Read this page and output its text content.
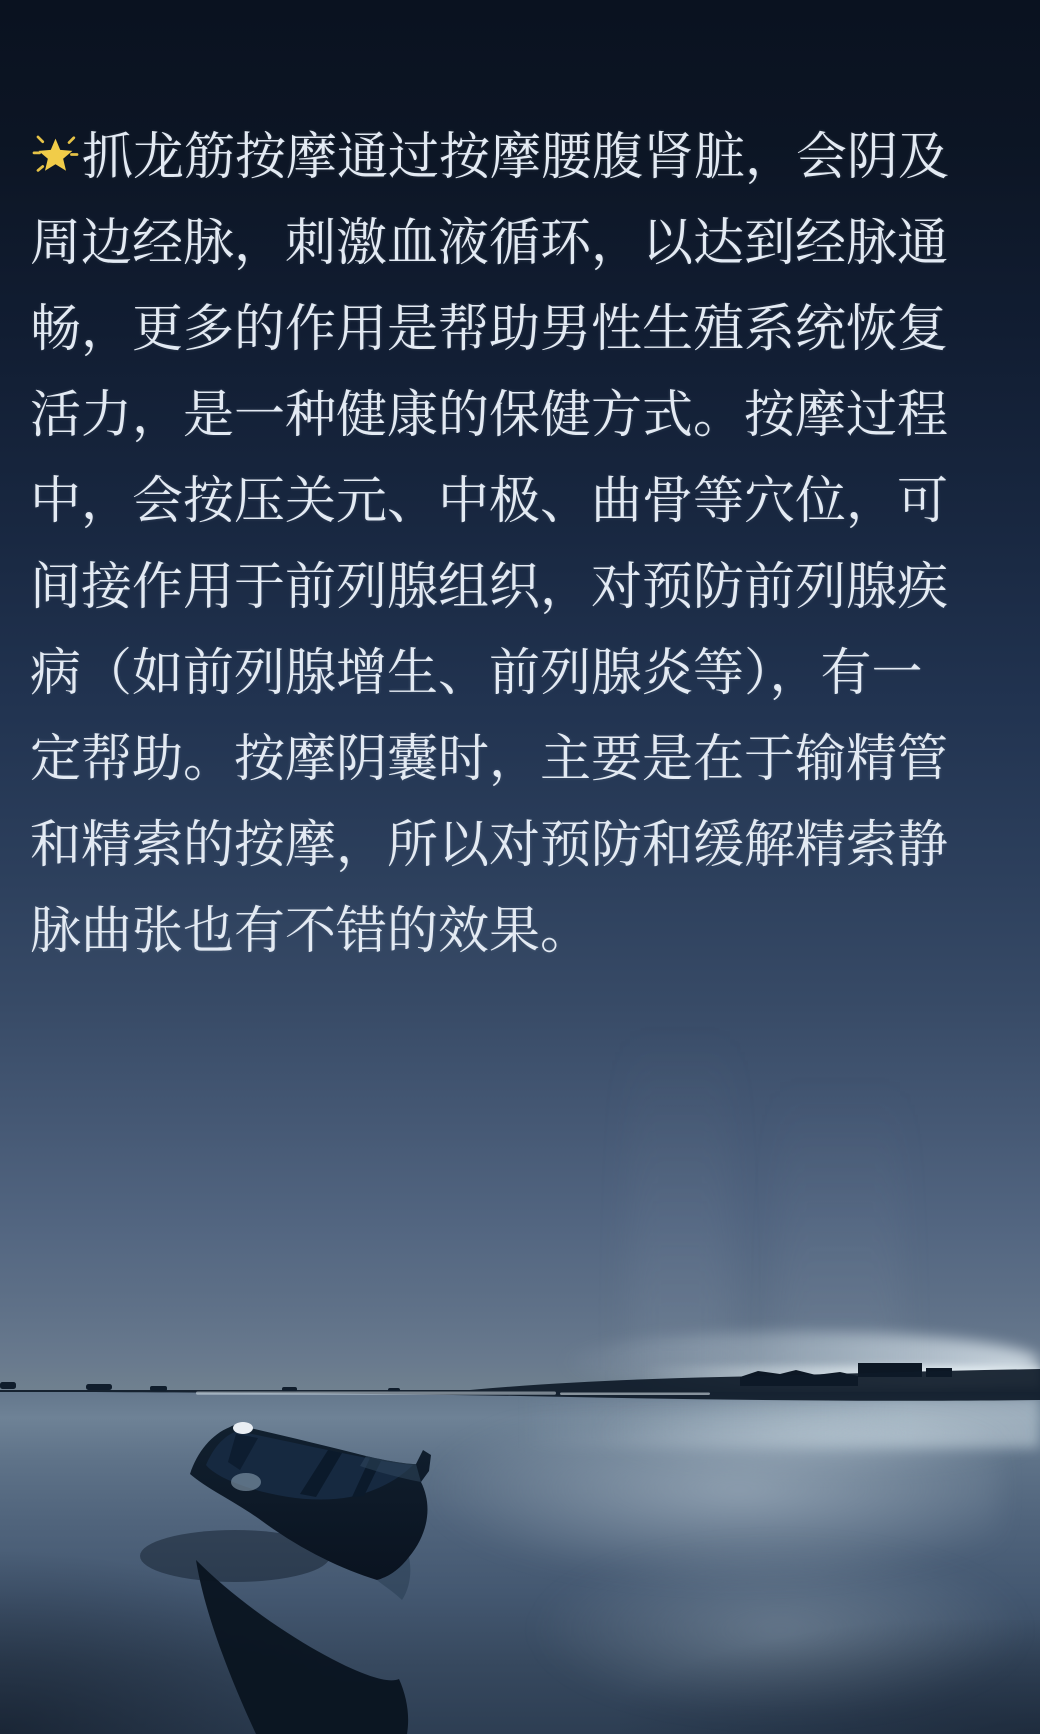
抓龙筋按摩通过按摩腰腹肾脏，会阴及
周边经脉，刺激血液循环，以达到经脉通
畅，更多的作用是帮助男性生殖系统恢复
活力，是一种健康的保健方式。按摩过程
中，会按压关元、中极、曲骨等穴位，可
间接作用于前列腺组织，对预防前列腺疾
病（如前列腺增生、前列腺炎等），有一
定帮助。按摩阴囊时，主要是在于输精管
和精索的按摩，所以对预防和缓解精索静
脉曲张也有不错的效果。
